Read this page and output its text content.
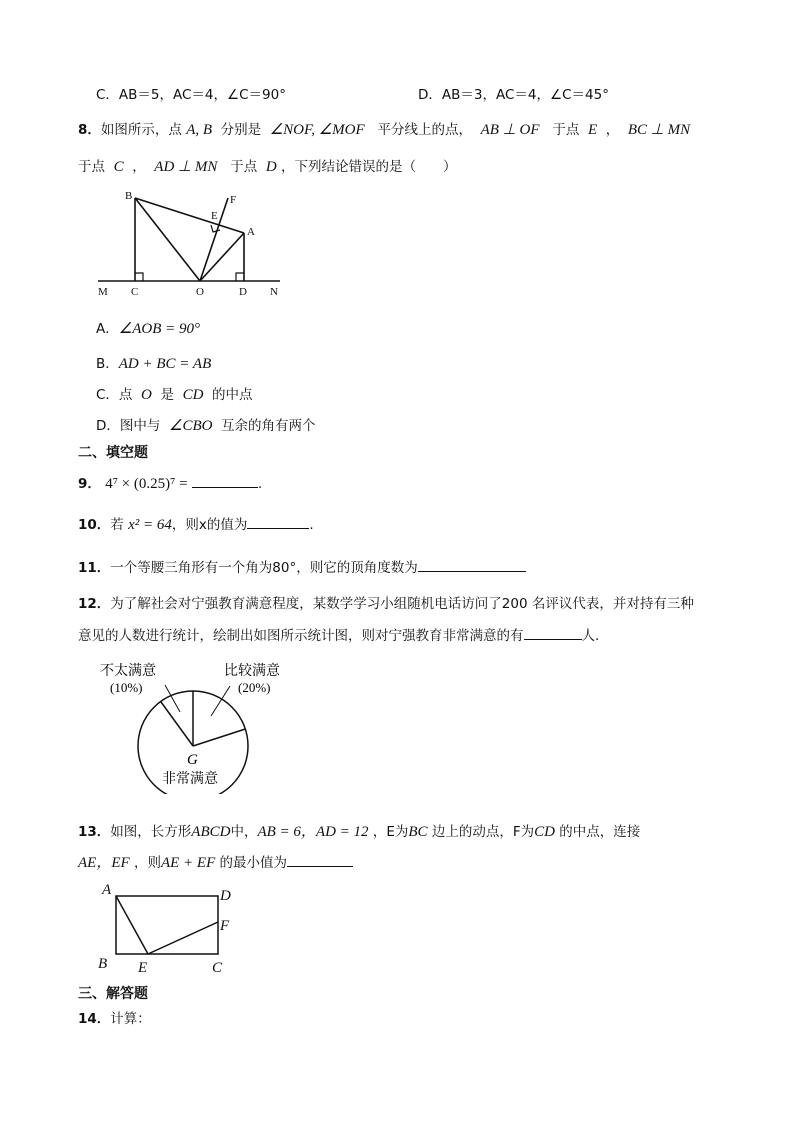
C．AB＝5，AC＝4，∠C＝90°	D．AB＝3，AC＝4，∠C＝45°
8．如图所示，点 A, B 分别是 ∠NOF, ∠MOF 平分线上的点， AB ⊥ OF 于点 E ， BC ⊥ MN
于点 C ， AD ⊥ MN 于点 D ，下列结论错误的是（　　）
B	F
E
A
M C	O	D N
A．∠AOB = 90°
B．AD + BC = AB
C．点 O 是 CD 的中点
D．图中与 ∠CBO 互余的角有两个
二、填空题
9． 4⁷ × (0.25)⁷ =	.
10．若 x² = 64，则x的值为	.
11．一个等腰三角形有一个角为80°，则它的顶角度数为
12．为了解社会对宁强教育满意程度，某数学学习小组随机电话访问了200 名评议代表，并对持有三种
意见的人数进行统计，绘制出如图所示统计图，则对宁强教育非常满意的有	人.
不太满意
(10%)
比较满意
(20%)
G
非常满意
13．如图，长方形ABCD中，AB = 6，AD = 12 ，E为BC 边上的动点，F为CD 的中点，连接
AE，EF ，则AE + EF 的最小值为
A	D
F
B E	C
三、解答题
14．计算：
